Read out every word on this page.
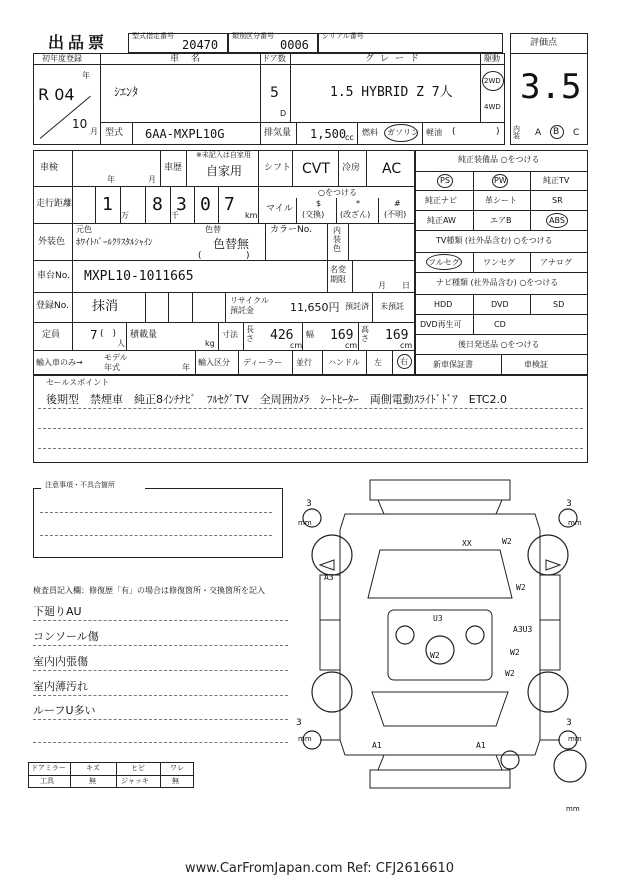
出品票	型式指定番号
20470
類別区分番号
0006
シリアル番号
評価点
3.5
初年度登録
年
R 04
10
月
車名
ｼｴﾝﾀ
ドア数
5
D
グレード
1.5 HYBRID Z 7人
駆動
2WD
4WD
型式 6AA-MXPL10G	排気量 1,500
cc
燃料 ガソリン 軽油 (	) 内装	A B C
車検
年	月
車歴
※未記入は自家用
自家用 シフト CVT 冷房 AC
走行距離 1
万
8
千
3 0 7
km
○をつける
マイル
$
(交換)
*
(改ざん)
#
(不明)
外装色
元色	色替
ﾎﾜｲﾄﾊﾟｰﾙｸﾘｽﾀﾙｼｬｲﾝ	色替無
(	)
カラーNo.	内装色
車台No. MXPL10-1011665	名変期限
月 日
登録No. 抹消	リサイクル預託金	11,650円 預託済 未預託
定員 7 (　)
人
積載量
kg
寸法
長さ 426
cm
幅 169
cm
高さ 169
cm
輸入車のみ→
モデル年式	年
輸入区分 ディーラー 並行 ハンドル 左 右
純正装備品 ○をつける
PS	PW	純正TV
純正ナビ	革シート	SR
純正AW	エアB	ABS
TV種類 (社外品含む) ○をつける
フルセグ	ワンセグ	アナログ
ナビ種類 (社外品含む) ○をつける
HDD	DVD	SD
DVD再生可	CD
後日発送品 ○をつける
新車保証書	車検証
セールスポイント
後期型　禁煙車　純正8ｲﾝﾁﾅﾋﾞ　ﾌﾙｾｸﾞTV　全周囲ｶﾒﾗ　ｼｰﾄﾋｰﾀｰ　両側電動ｽﾗｲﾄﾞﾄﾞｱ　ETC2.0
注意事項・不具合箇所
検査員記入欄：修復歴「有」の場合は修復箇所・交換箇所を記入
下廻りAU
コンソール傷
室内内張傷
室内薄汚れ
ルーフU多い
ドアミラー	キズ	ヒビ	ワレ
工具	無	ジャッキ	無
3
mm
3
mm
3
mm
3
mm
mm
XX	W2
W2
A3
U3
A3U3
W2
W2
W2
A1	A1
www.CarFromJapan.com Ref: CFJ2616610
